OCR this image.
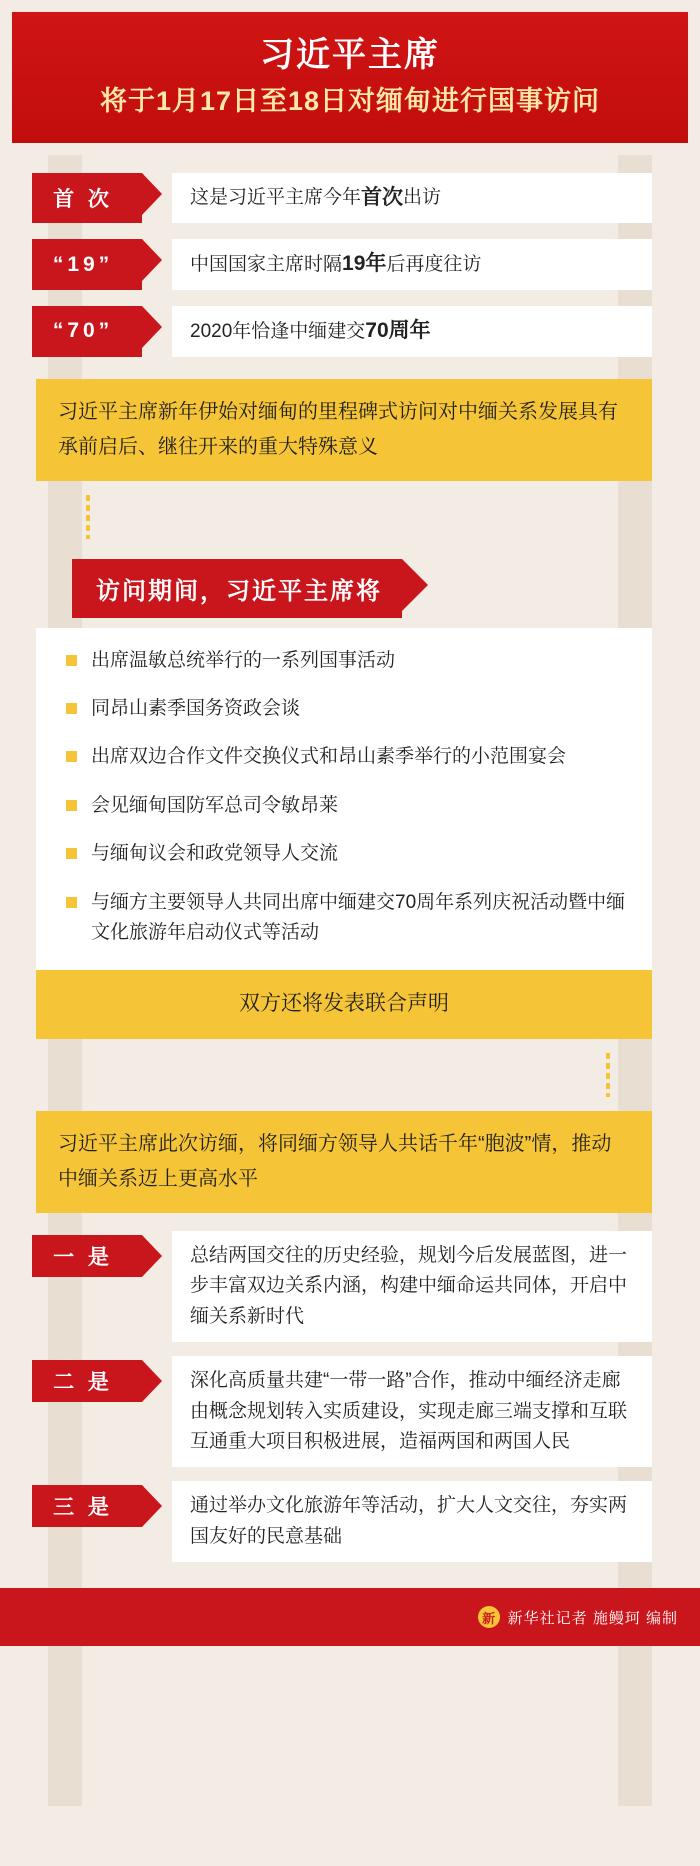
习近平主席
将于1月17日至18日对缅甸进行国事访问
首 次	这是习近平主席今年 首次 出访
“19”	中国国家主席时隔 19年 后再度往访
“70”	2020年恰逢中缅建交 70周年
习近平主席新年伊始对缅甸的里程碑式访问对中缅关系发展具有承前启后、继往开来的重大特殊意义
访问期间，习近平主席将
出席温敏总统举行的一系列国事活动
同昂山素季国务资政会谈
出席双边合作文件交换仪式和昂山素季举行的小范围宴会
会见缅甸国防军总司令敏昂莱
与缅甸议会和政党领导人交流
与缅方主要领导人共同出席中缅建交70周年系列庆祝活动暨中缅文化旅游年启动仪式等活动
双方还将发表联合声明
习近平主席此次访缅，将同缅方领导人共话千年“胞波”情，推动中缅关系迈上更高水平
一 是	总结两国交往的历史经验，规划今后发展蓝图，进一步丰富双边关系内涵，构建中缅命运共同体，开启中缅关系新时代
二 是	深化高质量共建“一带一路”合作，推动中缅经济走廊由概念规划转入实质建设，实现走廊三端支撑和互联互通重大项目积极进展，造福两国和两国人民
三 是	通过举办文化旅游年等活动，扩大人文交往，夯实两国友好的民意基础
新 新华社记者 施鳗珂 编制
